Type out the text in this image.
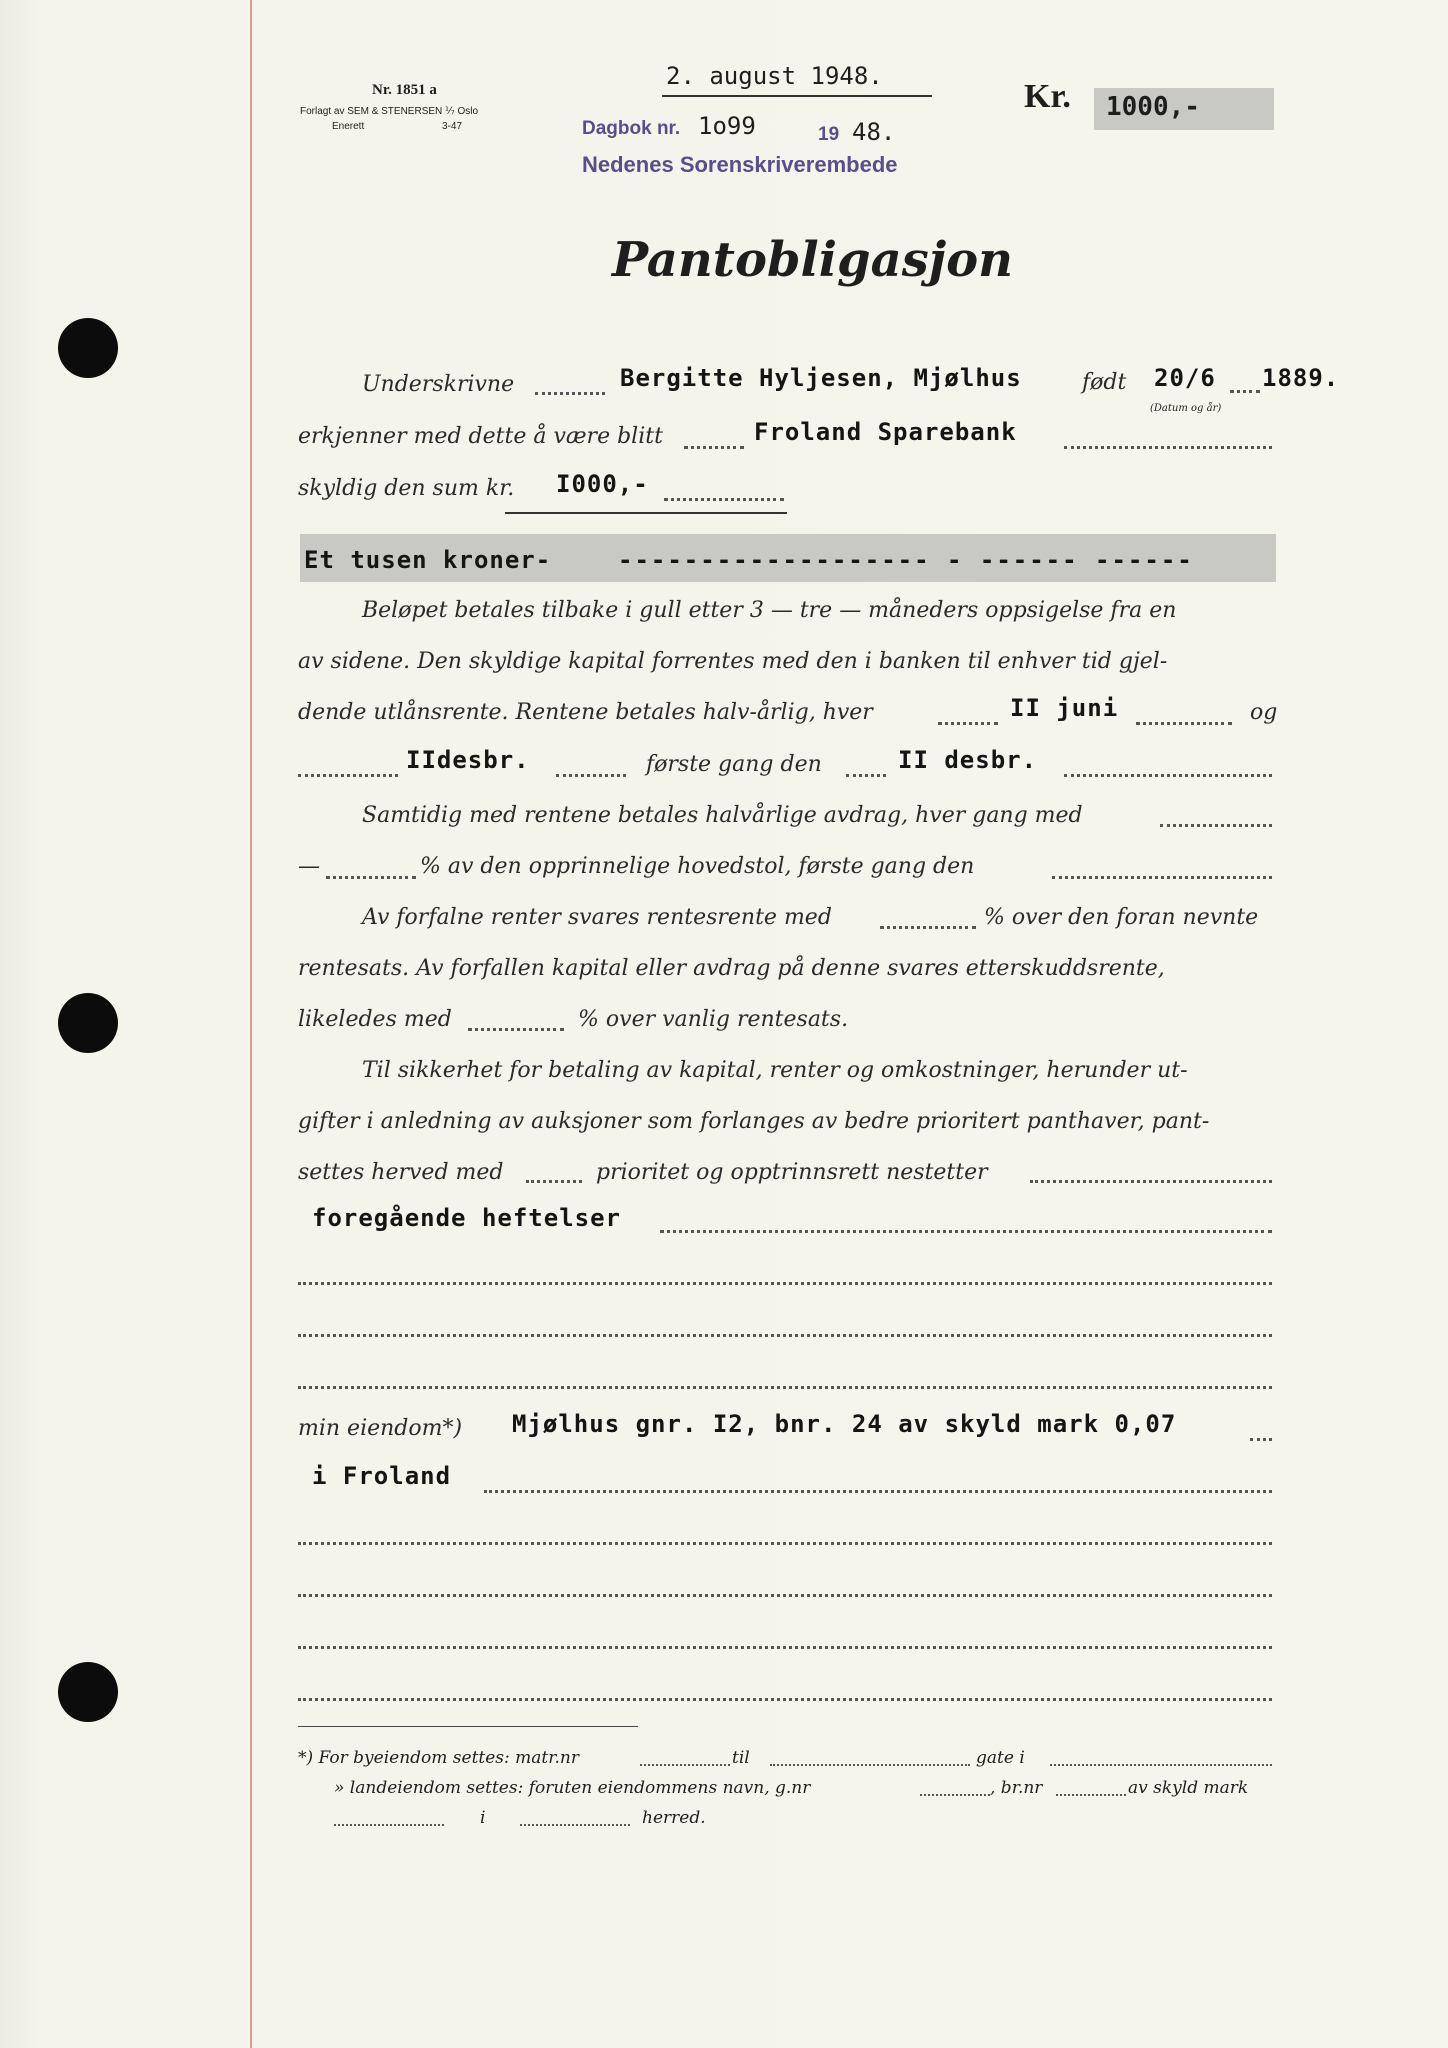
Nr. 1851 a
Forlagt av SEM & STENERSEN ⅐ Oslo
Enerett	3-47
2. august 1948.
Kr. 1000,-
Dagbok nr. 1o99	19 48.
Nedenes Sorenskriverembede
Pantobligasjon
Underskrivne	Bergitte Hyljesen, Mjølhus	født 20/6 1889.
(Datum og år)
erkjenner med dette å være blitt	Froland Sparebank
skyldig den sum kr. I000,-
Et tusen kroner-	------------------- - ------ ------
Beløpet betales tilbake i gull etter 3 — tre — måneders oppsigelse fra en
av sidene. Den skyldige kapital forrentes med den i banken til enhver tid gjel-
dende utlånsrente. Rentene betales halv-årlig, hver	II juni	og
IIdesbr.	første gang den	II desbr.
Samtidig med rentene betales halvårlige avdrag, hver gang med
—	% av den opprinnelige hovedstol, første gang den
Av forfalne renter svares rentesrente med	% over den foran nevnte
rentesats. Av forfallen kapital eller avdrag på denne svares etterskuddsrente,
likeledes med	% over vanlig rentesats.
Til sikkerhet for betaling av kapital, renter og omkostninger, herunder ut-
gifter i anledning av auksjoner som forlanges av bedre prioritert panthaver, pant-
settes herved med	prioritet og opptrinnsrett nestetter
foregående heftelser
min eiendom*) Mjølhus gnr. I2, bnr. 24 av skyld mark 0,07
i Froland
*) For byeiendom settes: matr.nr	til	gate i
» landeiendom settes: foruten eiendommens navn, g.nr	, br.nr	av skyld mark
i	herred.
